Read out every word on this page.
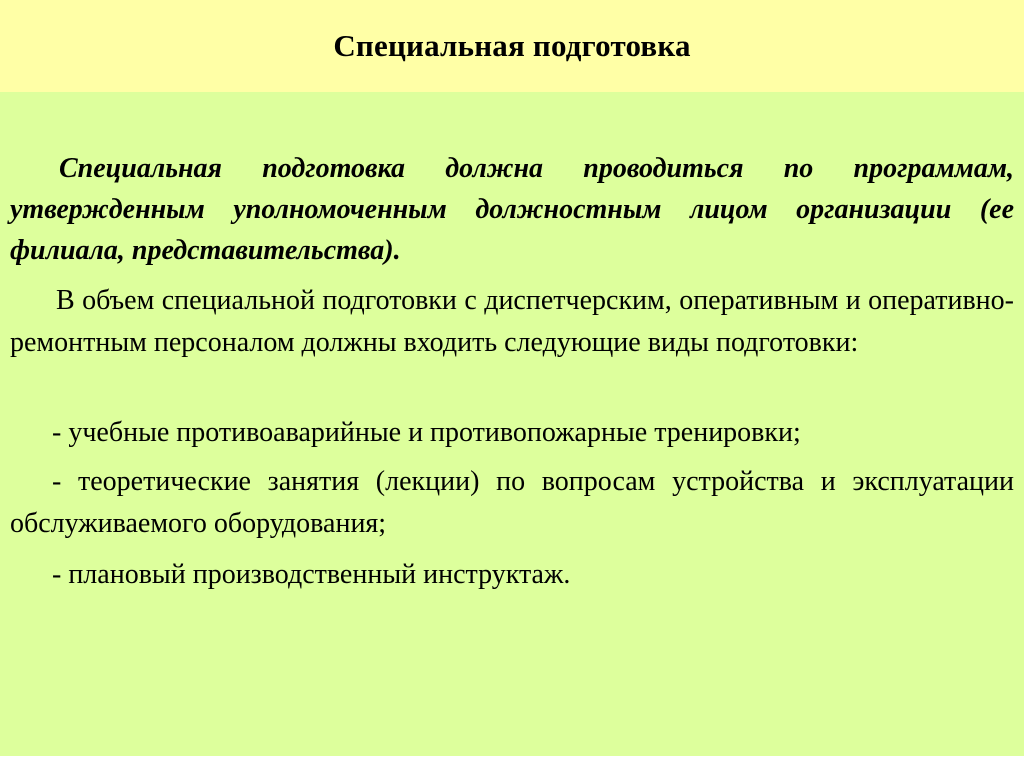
Специальная подготовка

Специальная подготовка должна проводиться по программам, утвержденным уполномоченным должностным лицом организации (ее филиала, представительства).

В объем специальной подготовки с диспетчерским, оперативным и оперативно-ремонтным персоналом должны входить следующие виды подготовки:

- учебные противоаварийные и противопожарные тренировки;

- теоретические занятия (лекции) по вопросам устройства и эксплуатации обслуживаемого оборудования;

- плановый производственный инструктаж.
